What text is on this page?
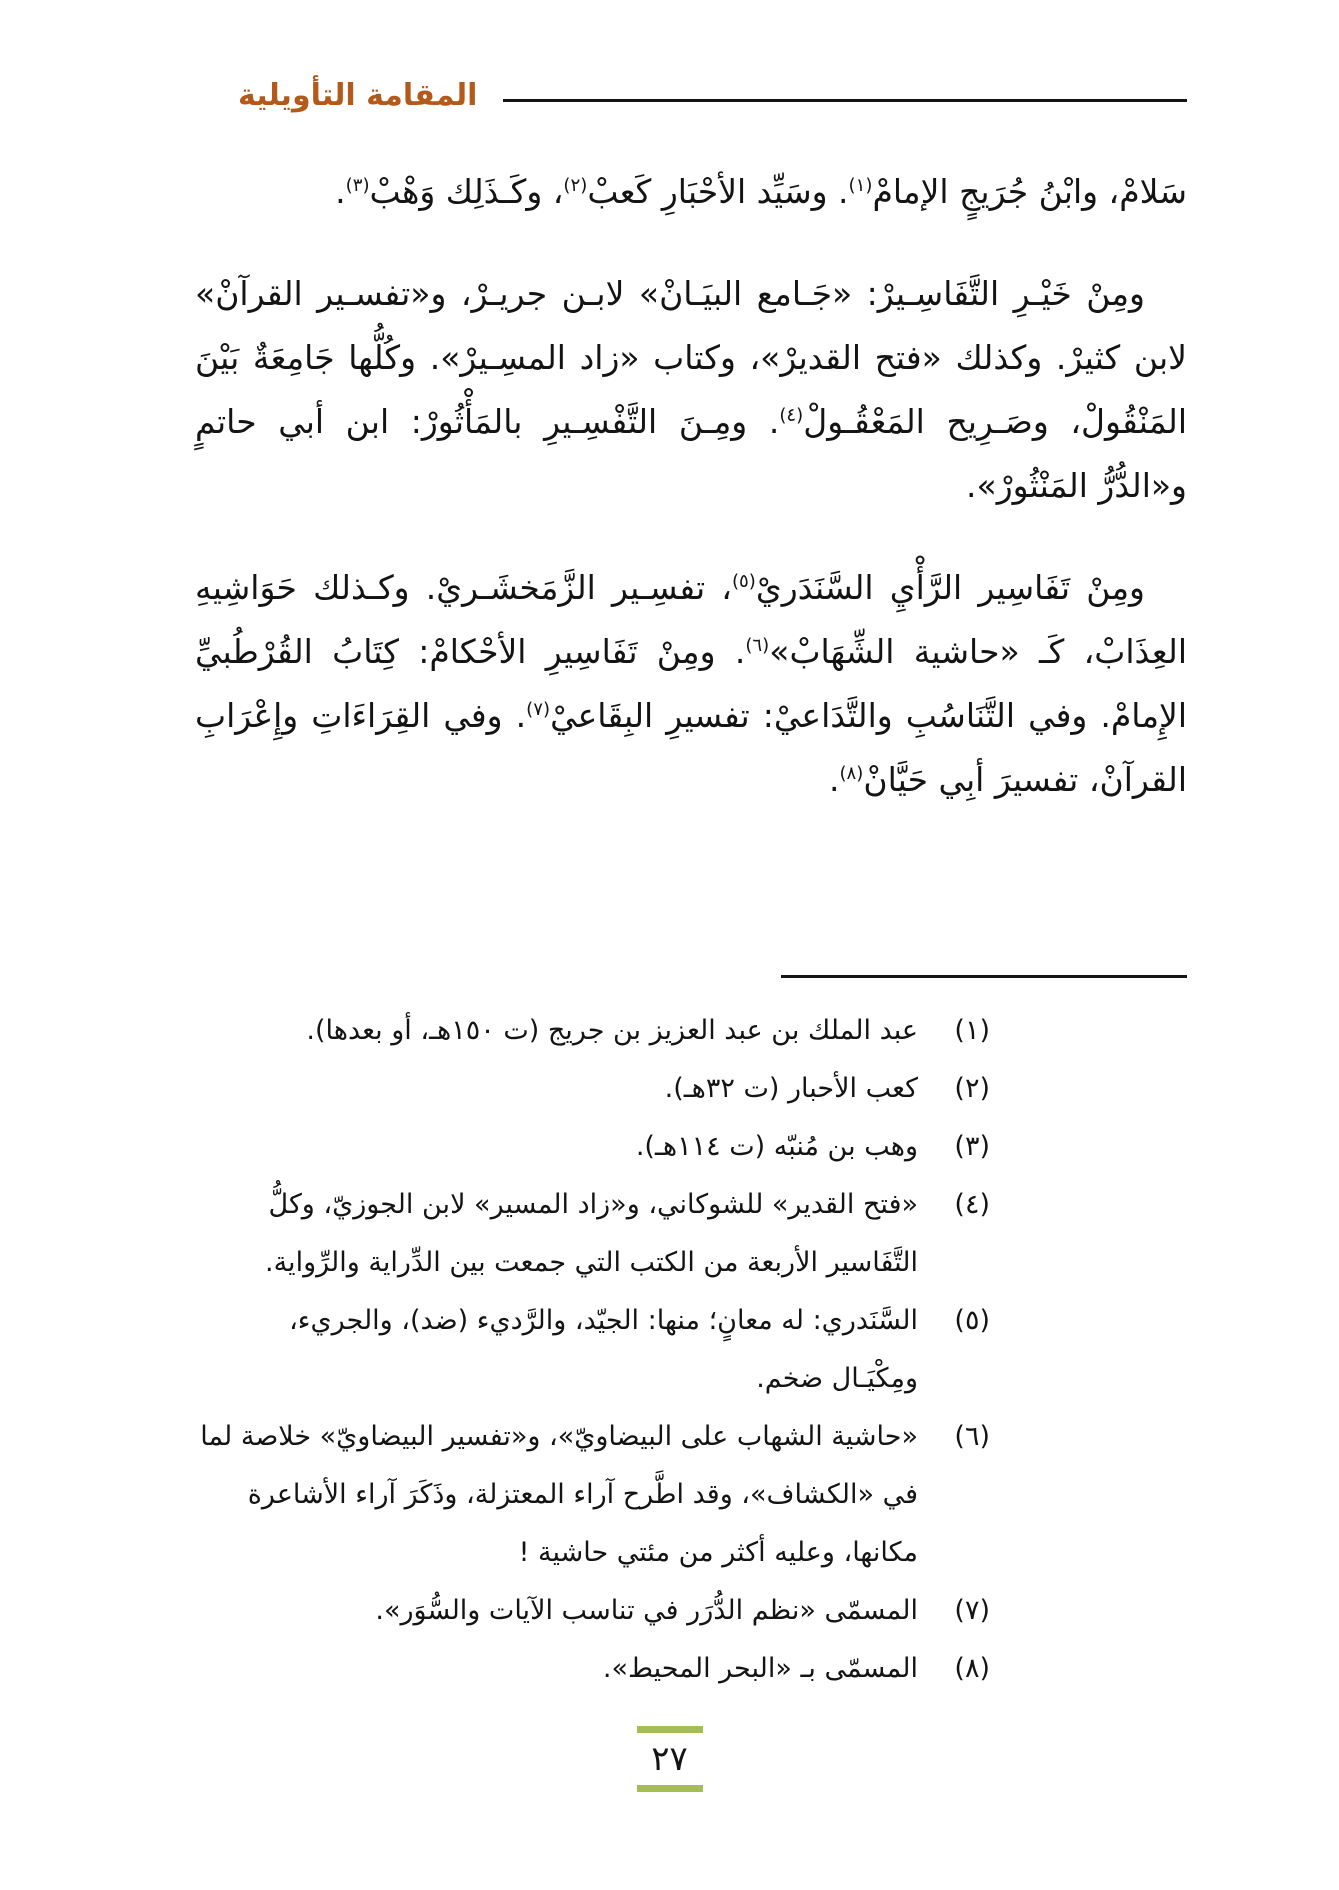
المقامة التأويلية

سَلامْ، وابْنُ جُرَيجٍ الإمامْ$^{(١)}$. وسَيِّد الأحْبَارِ كَعبْ$^{(٢)}$، وكَـذَلِك وَهْبْ$^{(٣)}$.

ومِنْ خَيْـرِ التَّفَاسِـيرْ: «جَـامع البيَـانْ» لابـن جريـرْ، و«تفسـير القرآنْ» لابن كثيرْ. وكذلك «فتح القديرْ»، وكتاب «زاد المسِـيرْ». وكُلُّها جَامِعَةٌ بَيْنَ المَنْقُولْ، وصَـرِيح المَعْقُـولْ$^{(٤)}$. ومِـنَ التَّفْسِـيرِ بالمَأْثُورْ: ابن أبي حاتمٍ و«الدُّرُّ المَنْثُورْ».

ومِنْ تَفَاسِير الرَّأْيِ السَّنَدَريْ$^{(٥)}$، تفسِـير الزَّمَخشَـريْ. وكـذلك حَوَاشِيهِ العِذَابْ، كَـ «حاشية الشِّهَابْ»$^{(٦)}$. ومِنْ تَفَاسِيرِ الأحْكامْ: كِتَابُ القُرْطُبيِّ الإِمامْ. وفي التَّنَاسُبِ والتَّدَاعيْ: تفسيرِ البِقَاعيْ$^{(٧)}$. وفي القِرَاءَاتِ وإِعْرَابِ القرآنْ، تفسيرَ أبِي حَيَّانْ$^{(٨)}$.

(١)
عبد الملك بن عبد العزيز بن جريج (ت ١٥٠هـ، أو بعدها).
(٢)
كعب الأحبار (ت ٣٢هـ).
(٣)
وهب بن مُنبّه (ت ١١٤هـ).
(٤)
«فتح القدير» للشوكاني، و«زاد المسير» لابن الجوزيّ، وكلُّ التَّفَاسير الأربعة من الكتب التي جمعت بين الدِّراية والرِّواية.
(٥)
السَّنَدري: له معانٍ؛ منها: الجيّد، والرَّديء (ضد)، والجريء، ومِكْيَـال ضخم.
(٦)
«حاشية الشهاب على البيضاويّ»، و«تفسير البيضاويّ» خلاصة لما في «الكشاف»، وقد اطَّرح آراء المعتزلة، وذَكَرَ آراء الأشاعرة مكانها، وعليه أكثر من مئتي حاشية !
(٧)
المسمّى «نظم الدُّرَر في تناسب الآيات والسُّوَر».
(٨)
المسمّى بـ «البحر المحيط».
٢٧
